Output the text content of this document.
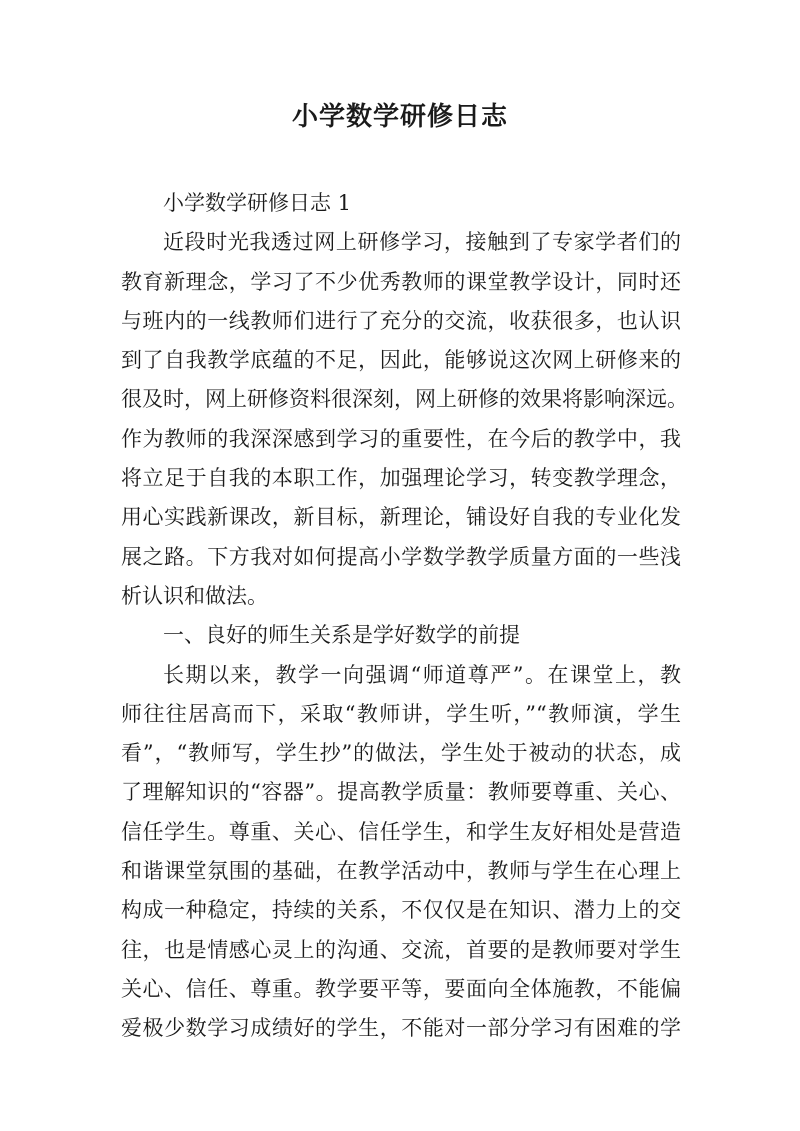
小学数学研修日志
小学数学研修日志 1
近段时光我透过网上研修学习，接触到了专家学者们的
教育新理念，学习了不少优秀教师的课堂教学设计，同时还
与班内的一线教师们进行了充分的交流，收获很多，也认识
到了自我教学底蕴的不足，因此，能够说这次网上研修来的
很及时，网上研修资料很深刻，网上研修的效果将影响深远。
作为教师的我深深感到学习的重要性，在今后的教学中，我
将立足于自我的本职工作，加强理论学习，转变教学理念，
用心实践新课改，新目标，新理论，铺设好自我的专业化发
展之路。下方我对如何提高小学数学教学质量方面的一些浅
析认识和做法。
一、良好的师生关系是学好数学的前提
长期以来，教学一向强调“师道尊严”。在课堂上，教
师往往居高而下，采取“教师讲，学生听，”“教师演，学生
看”，“教师写，学生抄”的做法，学生处于被动的状态，成
了理解知识的“容器”。提高教学质量：教师要尊重、关心、
信任学生。尊重、关心、信任学生，和学生友好相处是营造
和谐课堂氛围的基础，在教学活动中，教师与学生在心理上
构成一种稳定，持续的关系，不仅仅是在知识、潜力上的交
往，也是情感心灵上的沟通、交流，首要的是教师要对学生
关心、信任、尊重。教学要平等，要面向全体施教，不能偏
爱极少数学习成绩好的学生，不能对一部分学习有困难的学
